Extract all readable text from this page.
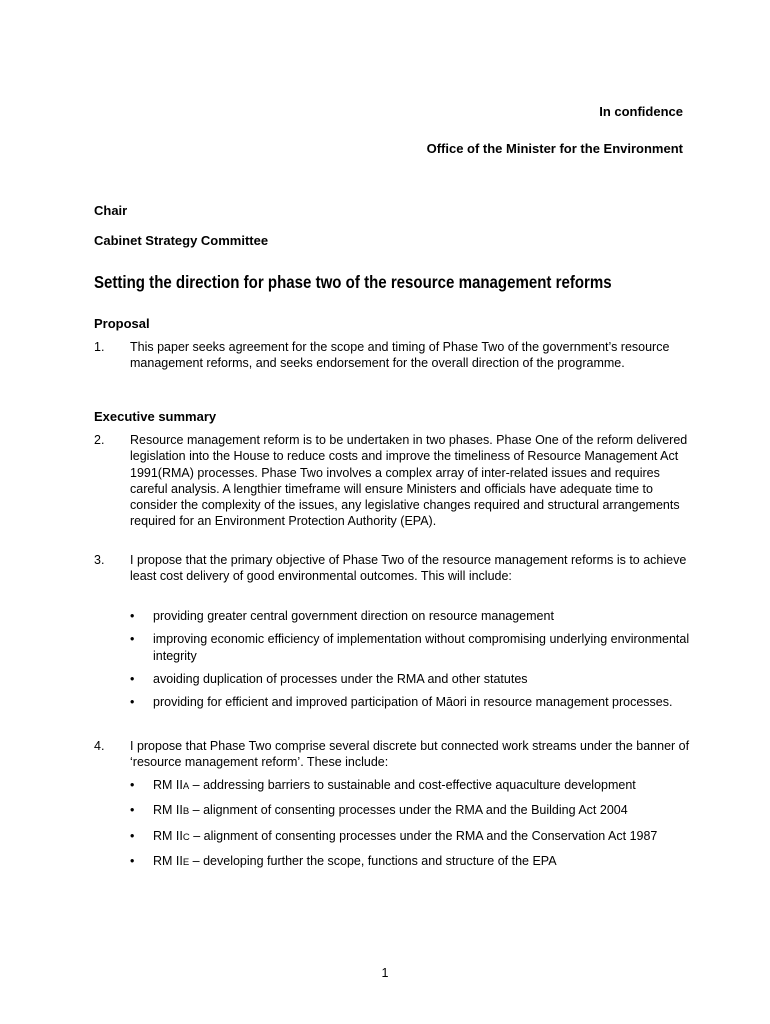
In confidence
Office of the Minister for the Environment
Chair
Cabinet Strategy Committee
Setting the direction for phase two of the resource management reforms
Proposal
1.	This paper seeks agreement for the scope and timing of Phase Two of the government’s resource management reforms, and seeks endorsement for the overall direction of the programme.
Executive summary
2.	Resource management reform is to be undertaken in two phases. Phase One of the reform delivered legislation into the House to reduce costs and improve the timeliness of Resource Management Act 1991(RMA) processes. Phase Two involves a complex array of inter-related issues and requires careful analysis. A lengthier timeframe will ensure Ministers and officials have adequate time to consider the complexity of the issues, any legislative changes required and structural arrangements required for an Environment Protection Authority (EPA).
3.	I propose that the primary objective of Phase Two of the resource management reforms is to achieve least cost delivery of good environmental outcomes. This will include:
• providing greater central government direction on resource management
• improving economic efficiency of implementation without compromising underlying environmental integrity
• avoiding duplication of processes under the RMA and other statutes
• providing for efficient and improved participation of Māori in resource management processes.
4.	I propose that Phase Two comprise several discrete but connected work streams under the banner of ‘resource management reform’. These include:
• RM IIA – addressing barriers to sustainable and cost-effective aquaculture development
• RM IIB – alignment of consenting processes under the RMA and the Building Act 2004
• RM IIC – alignment of consenting processes under the RMA and the Conservation Act 1987
• RM IIE – developing further the scope, functions and structure of the EPA
1
